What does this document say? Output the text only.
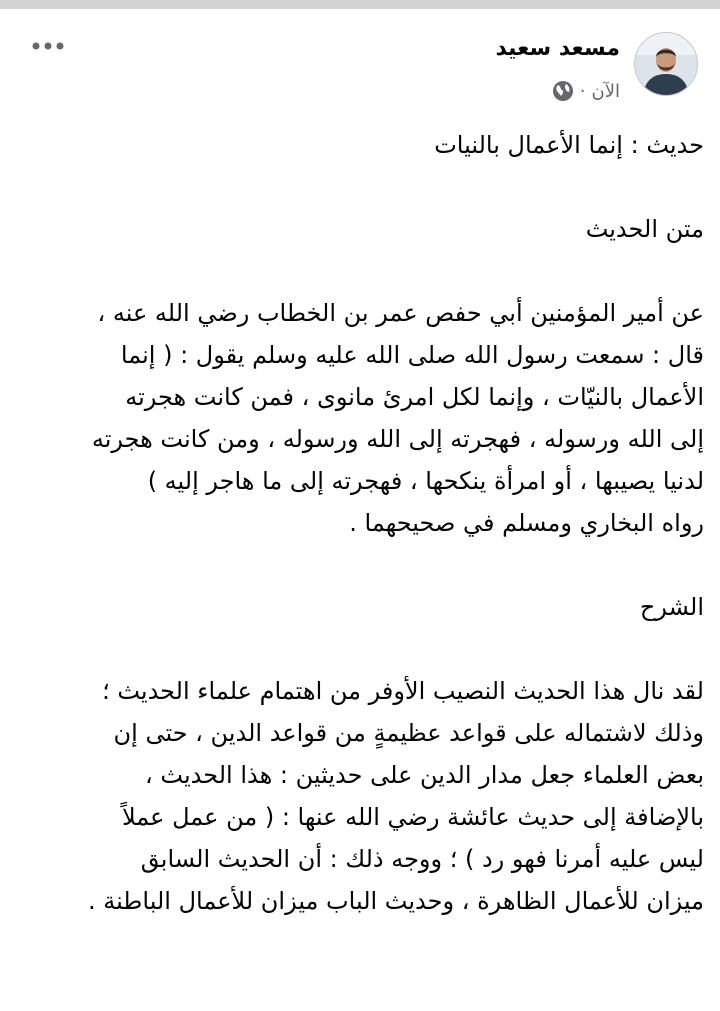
مسعد سعيد
الآن
·

حديث : إنما الأعمال بالنيات

متن الحديث

عن أمير المؤمنين أبي حفص عمر بن الخطاب رضي الله عنه ،

قال : سمعت رسول الله صلى الله عليه وسلم يقول : ( إنما

الأعمال بالنيّات ، وإنما لكل امرئ مانوى ، فمن كانت هجرته

إلى الله ورسوله ، فهجرته إلى الله ورسوله ، ومن كانت هجرته

لدنيا يصيبها ، أو امرأة ينكحها ، فهجرته إلى ما هاجر إليه )

رواه البخاري ومسلم في صحيحهما .

الشرح

لقد نال هذا الحديث النصيب الأوفر من اهتمام علماء الحديث ؛

وذلك لاشتماله على قواعد عظيمةٍ من قواعد الدين ، حتى إن

بعض العلماء جعل مدار الدين على حديثين : هذا الحديث ،

بالإضافة إلى حديث عائشة رضي الله عنها : ( من عمل عملاً

ليس عليه أمرنا فهو رد ) ؛ ووجه ذلك : أن الحديث السابق

ميزان للأعمال الظاهرة ، وحديث الباب ميزان للأعمال الباطنة .
